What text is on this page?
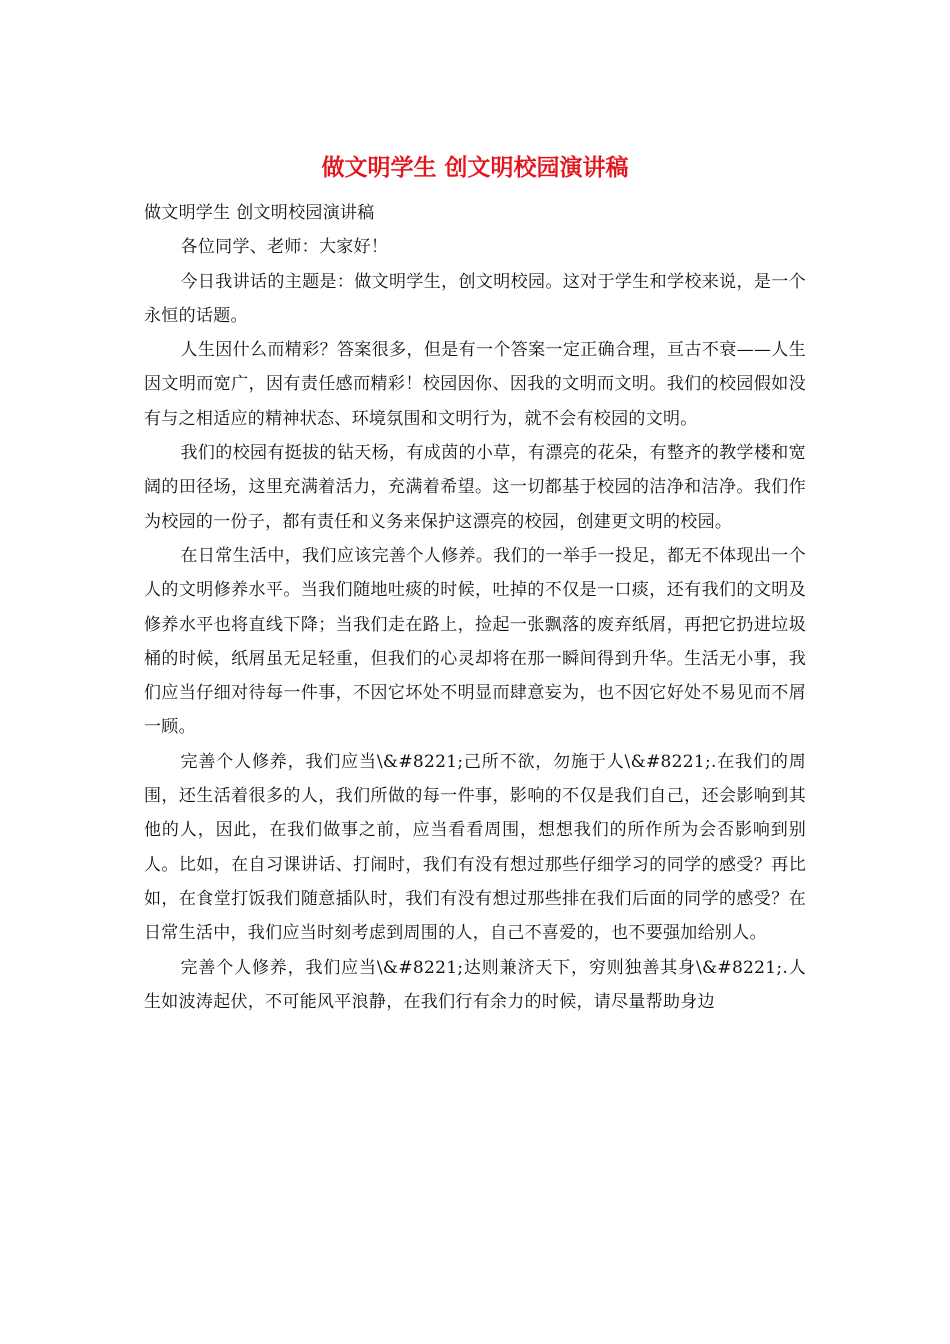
做文明学生 创文明校园演讲稿

做文明学生 创文明校园演讲稿

各位同学、老师：大家好！

今日我讲话的主题是：做文明学生，创文明校园。这对于学生和学校来说，是一个永恒的话题。

人生因什么而精彩？答案很多，但是有一个答案一定正确合理，亘古不衰——人生因文明而宽广，因有责任感而精彩！校园因你、因我的文明而文明。我们的校园假如没有与之相适应的精神状态、环境氛围和文明行为，就不会有校园的文明。

我们的校园有挺拔的钻天杨，有成茵的小草，有漂亮的花朵，有整齐的教学楼和宽阔的田径场，这里充满着活力，充满着希望。这一切都基于校园的洁净和洁净。我们作为校园的一份子，都有责任和义务来保护这漂亮的校园，创建更文明的校园。

在日常生活中，我们应该完善个人修养。我们的一举手一投足，都无不体现出一个人的文明修养水平。当我们随地吐痰的时候，吐掉的不仅是一口痰，还有我们的文明及修养水平也将直线下降；当我们走在路上，捡起一张飘落的废弃纸屑，再把它扔进垃圾桶的时候，纸屑虽无足轻重，但我们的心灵却将在那一瞬间得到升华。生活无小事，我们应当仔细对待每一件事，不因它坏处不明显而肆意妄为，也不因它好处不易见而不屑一顾。

完善个人修养，我们应当\&#8221;己所不欲，勿施于人\&#8221;.在我们的周围，还生活着很多的人，我们所做的每一件事，影响的不仅是我们自己，还会影响到其他的人，因此，在我们做事之前，应当看看周围，想想我们的所作所为会否影响到别人。比如，在自习课讲话、打闹时，我们有没有想过那些仔细学习的同学的感受？再比如，在食堂打饭我们随意插队时，我们有没有想过那些排在我们后面的同学的感受？在日常生活中，我们应当时刻考虑到周围的人，自己不喜爱的，也不要强加给别人。

完善个人修养，我们应当\&#8221;达则兼济天下，穷则独善其身\&#8221;.人生如波涛起伏，不可能风平浪静，在我们行有余力的时候，请尽量帮助身边
